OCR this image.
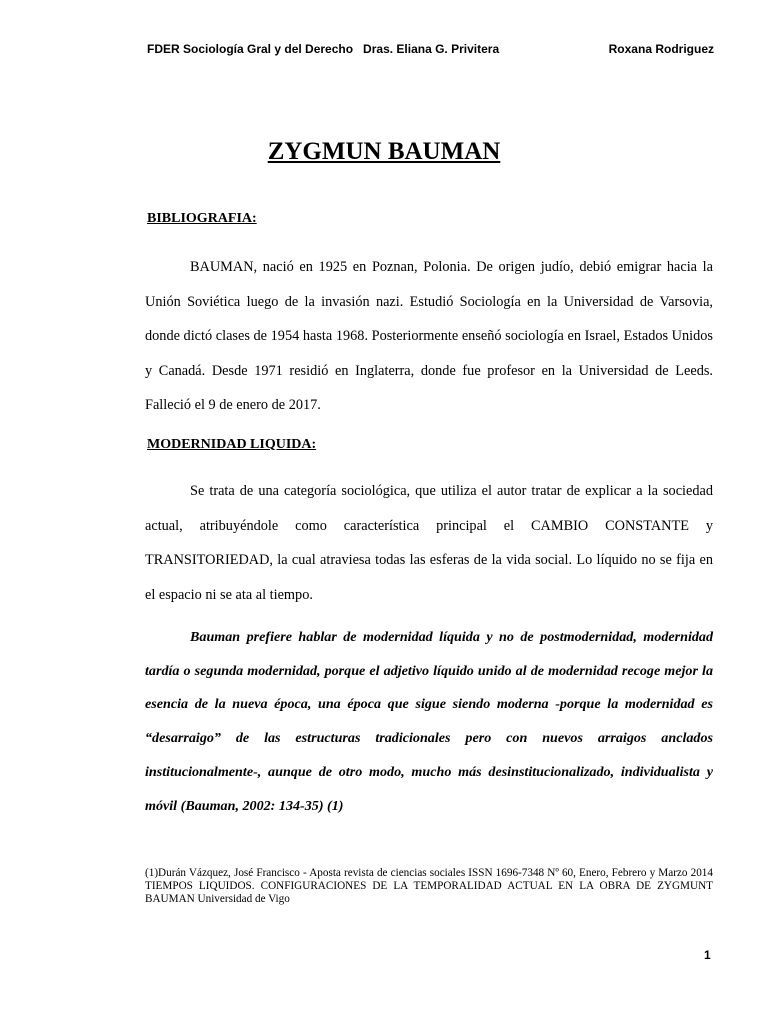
FDER Sociología Gral y del Derecho   Dras. Eliana G. Privitera	Roxana Rodriguez
ZYGMUN BAUMAN
BIBLIOGRAFIA:

BAUMAN, nació en 1925 en Poznan, Polonia. De origen judío, debió emigrar hacia la Unión Soviética luego de la invasión nazi. Estudió Sociología en la Universidad de Varsovia, donde dictó clases de 1954 hasta 1968. Posteriormente enseñó sociología en Israel, Estados Unidos y Canadá. Desde 1971 residió en Inglaterra, donde fue profesor en la Universidad de Leeds. Falleció el 9 de enero de 2017.

MODERNIDAD LIQUIDA:

Se trata de una categoría sociológica, que utiliza el autor tratar de explicar a la sociedad actual, atribuyéndole como característica principal el CAMBIO CONSTANTE y TRANSITORIEDAD, la cual atraviesa todas las esferas de la vida social. Lo líquido no se fija en el espacio ni se ata al tiempo.

Bauman prefiere hablar de modernidad líquida y no de postmodernidad, modernidad tardía o segunda modernidad, porque el adjetivo líquido unido al de modernidad recoge mejor la esencia de la nueva época, una época que sigue siendo moderna -porque la modernidad es “desarraigo” de las estructuras tradicionales pero con nuevos arraigos anclados institucionalmente-, aunque de otro modo, mucho más desinstitucionalizado, individualista y móvil (Bauman, 2002: 134-35) (1)

(1)Durán Vázquez, José Francisco - Aposta revista de ciencias sociales ISSN 1696-7348 Nº 60, Enero, Febrero y Marzo 2014 TIEMPOS LIQUIDOS. CONFIGURACIONES DE LA TEMPORALIDAD ACTUAL EN LA OBRA DE ZYGMUNT BAUMAN Universidad de Vigo

1
